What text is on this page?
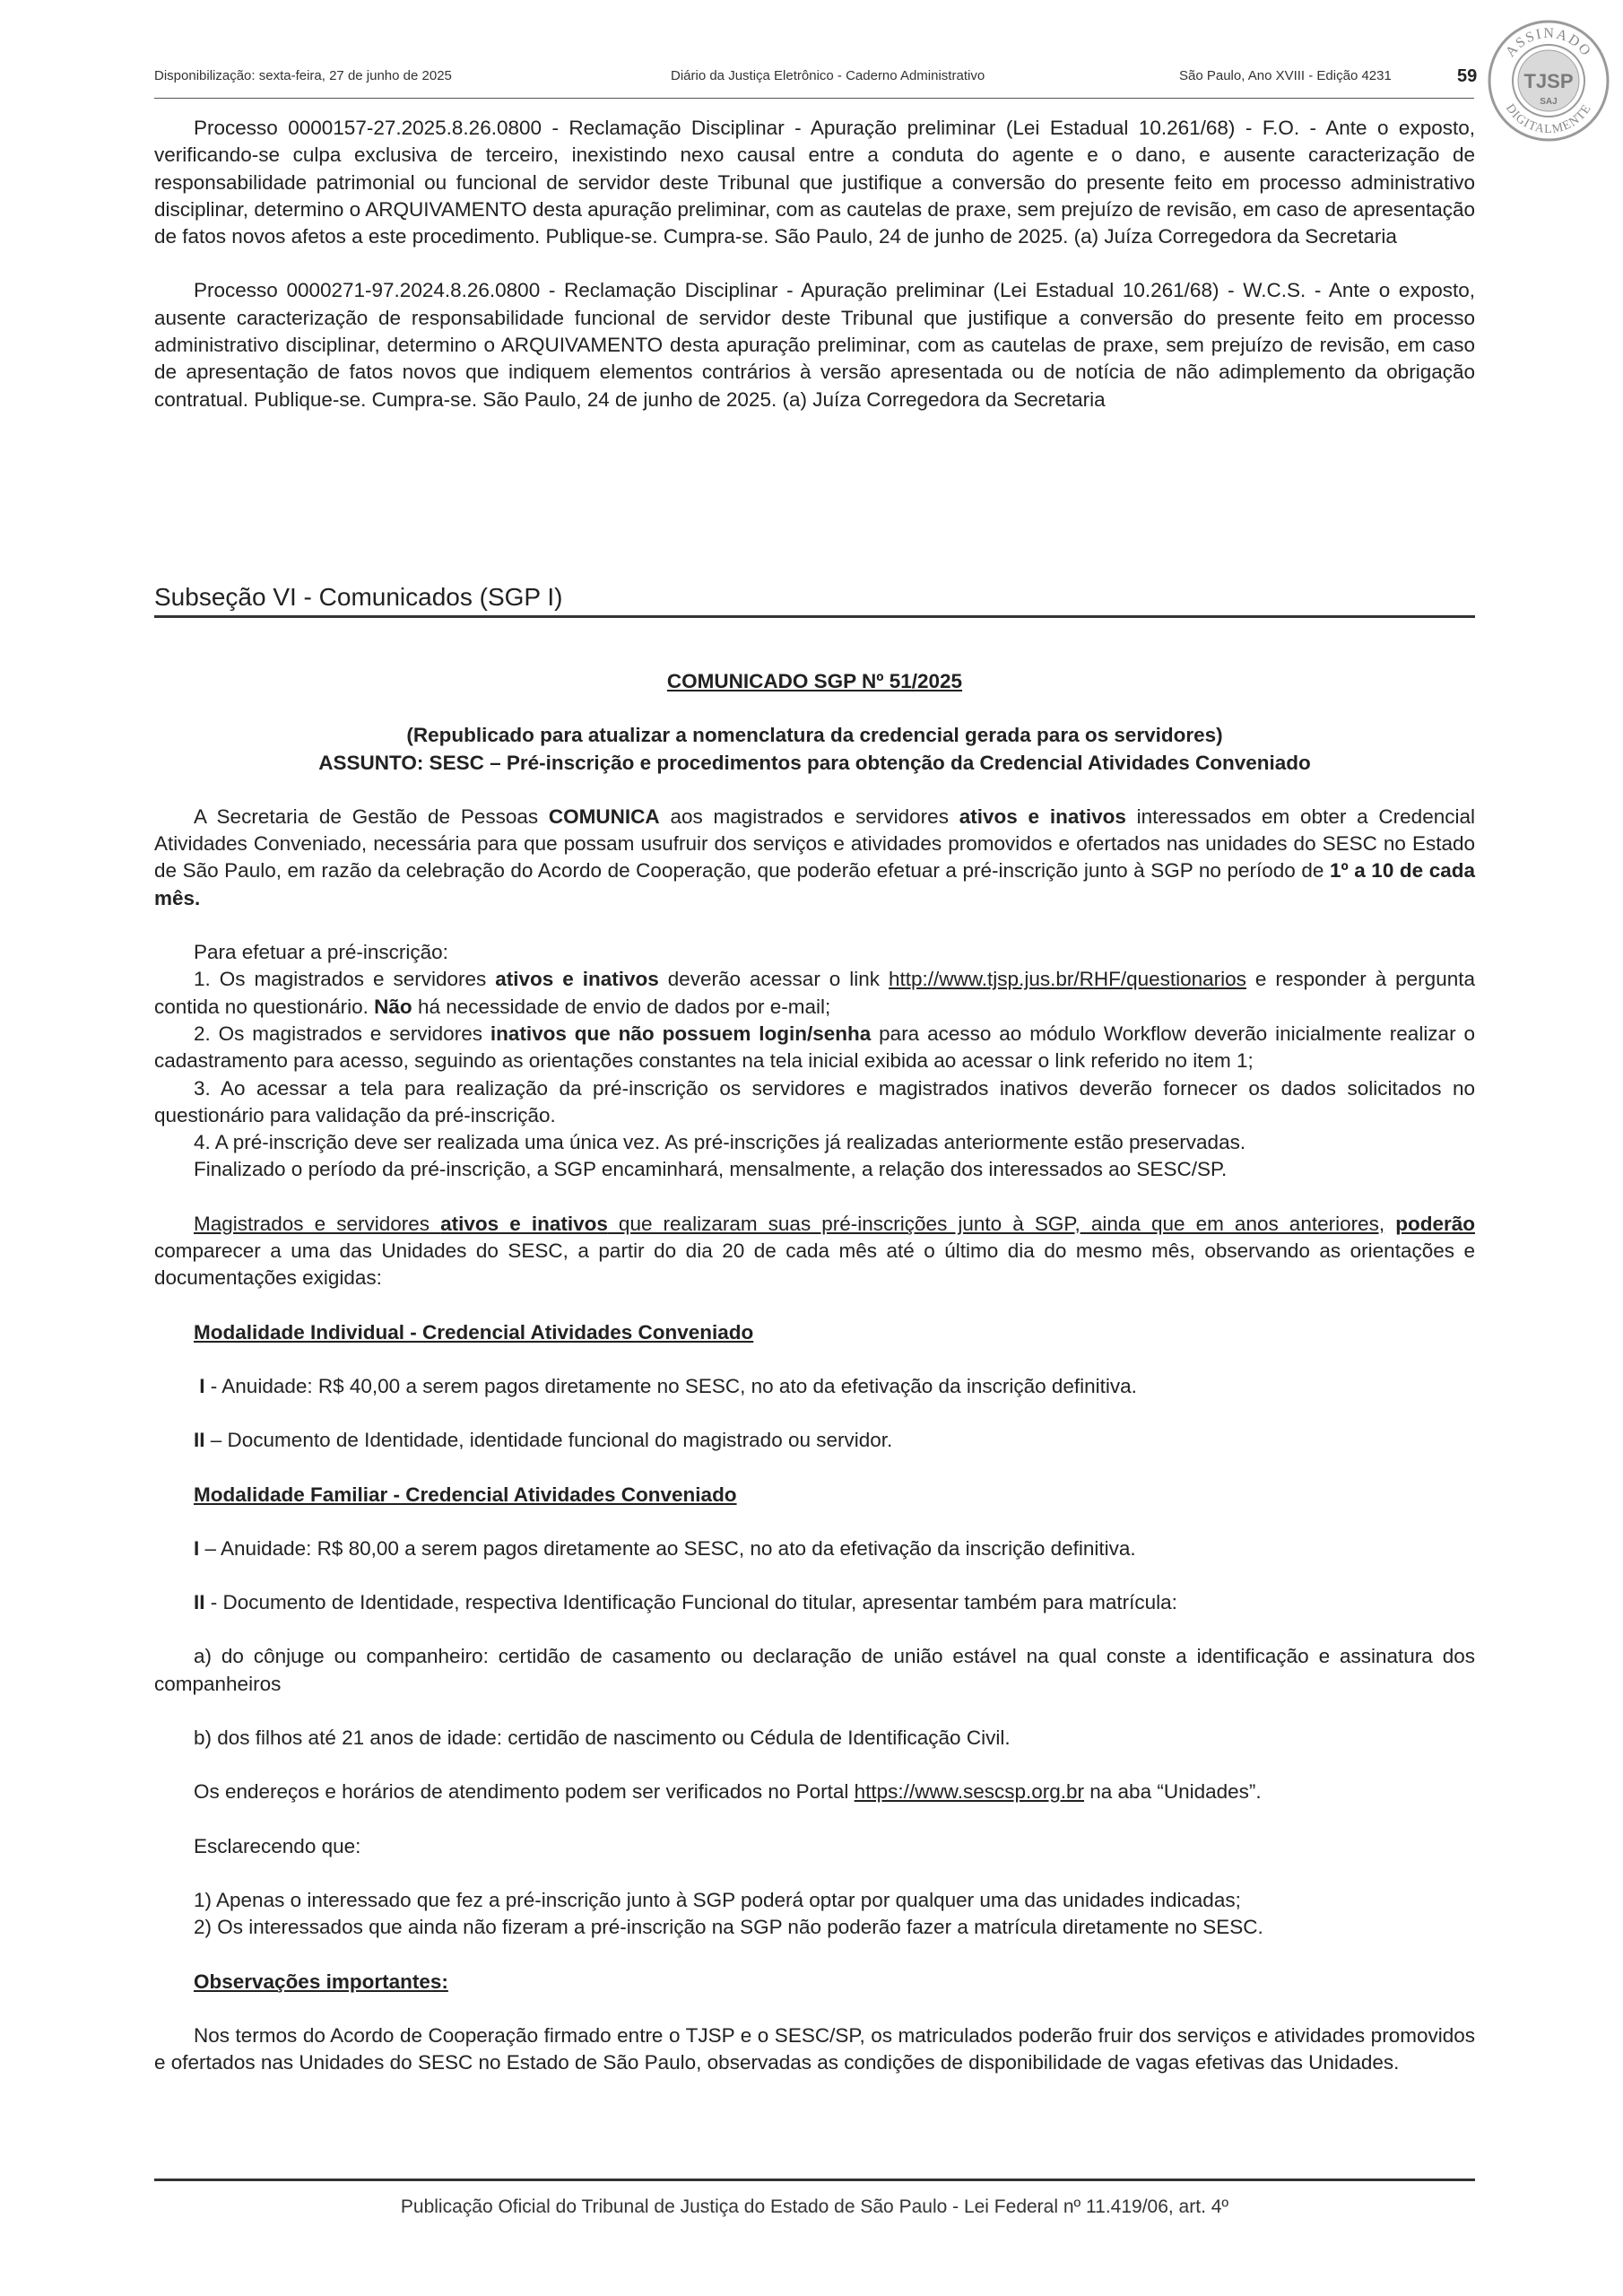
Disponibilização: sexta-feira, 27 de junho de 2025	Diário da Justiça Eletrônico - Caderno Administrativo	São Paulo, Ano XVIII - Edição 4231	59
ASSINADO
DIGITALMENTE
TJSP
SAJ

Processo 0000157-27.2025.8.26.0800 - Reclamação Disciplinar - Apuração preliminar (Lei Estadual 10.261/68) - F.O. - Ante o exposto, verificando-se culpa exclusiva de terceiro, inexistindo nexo causal entre a conduta do agente e o dano, e ausente caracterização de responsabilidade patrimonial ou funcional de servidor deste Tribunal que justifique a conversão do presente feito em processo administrativo disciplinar, determino o ARQUIVAMENTO desta apuração preliminar, com as cautelas de praxe, sem prejuízo de revisão, em caso de apresentação de fatos novos afetos a este procedimento. Publique-se. Cumpra-se. São Paulo, 24 de junho de 2025. (a) Juíza Corregedora da Secretaria

Processo 0000271-97.2024.8.26.0800 - Reclamação Disciplinar - Apuração preliminar (Lei Estadual 10.261/68) - W.C.S. - Ante o exposto, ausente caracterização de responsabilidade funcional de servidor deste Tribunal que justifique a conversão do presente feito em processo administrativo disciplinar, determino o ARQUIVAMENTO desta apuração preliminar, com as cautelas de praxe, sem prejuízo de revisão, em caso de apresentação de fatos novos que indiquem elementos contrários à versão apresentada ou de notícia de não adimplemento da obrigação contratual. Publique-se. Cumpra-se. São Paulo, 24 de junho de 2025. (a) Juíza Corregedora da Secretaria

Subseção VI - Comunicados (SGP I)

COMUNICADO SGP Nº 51/2025

(Republicado para atualizar a nomenclatura da credencial gerada para os servidores)

ASSUNTO: SESC – Pré-inscrição e procedimentos para obtenção da Credencial Atividades Conveniado

A Secretaria de Gestão de Pessoas COMUNICA aos magistrados e servidores ativos e inativos interessados em obter a Credencial Atividades Conveniado, necessária para que possam usufruir dos serviços e atividades promovidos e ofertados nas unidades do SESC no Estado de São Paulo, em razão da celebração do Acordo de Cooperação, que poderão efetuar a pré-inscrição junto à SGP no período de 1º a 10 de cada mês.

Para efetuar a pré-inscrição:

1. Os magistrados e servidores ativos e inativos deverão acessar o link http://www.tjsp.jus.br/RHF/questionarios e responder à pergunta contida no questionário. Não há necessidade de envio de dados por e-mail;

2. Os magistrados e servidores inativos que não possuem login/senha para acesso ao módulo Workflow deverão inicialmente realizar o cadastramento para acesso, seguindo as orientações constantes na tela inicial exibida ao acessar o link referido no item 1;

3. Ao acessar a tela para realização da pré-inscrição os servidores e magistrados inativos deverão fornecer os dados solicitados no questionário para validação da pré-inscrição.

4. A pré-inscrição deve ser realizada uma única vez. As pré-inscrições já realizadas anteriormente estão preservadas.

Finalizado o período da pré-inscrição, a SGP encaminhará, mensalmente, a relação dos interessados ao SESC/SP.

Magistrados e servidores ativos e inativos que realizaram suas pré-inscrições junto à SGP, ainda que em anos anteriores, poderão comparecer a uma das Unidades do SESC, a partir do dia 20 de cada mês até o último dia do mesmo mês, observando as orientações e documentações exigidas:

Modalidade Individual - Credencial Atividades Conveniado

I - Anuidade: R$ 40,00 a serem pagos diretamente no SESC, no ato da efetivação da inscrição definitiva.

II – Documento de Identidade, identidade funcional do magistrado ou servidor.

Modalidade Familiar - Credencial Atividades Conveniado

I – Anuidade: R$ 80,00 a serem pagos diretamente ao SESC, no ato da efetivação da inscrição definitiva.

II - Documento de Identidade, respectiva Identificação Funcional do titular, apresentar também para matrícula:

a) do cônjuge ou companheiro: certidão de casamento ou declaração de união estável na qual conste a identificação e assinatura dos companheiros

b) dos filhos até 21 anos de idade: certidão de nascimento ou Cédula de Identificação Civil.

Os endereços e horários de atendimento podem ser verificados no Portal https://www.sescsp.org.br na aba “Unidades”.

Esclarecendo que:

1) Apenas o interessado que fez a pré-inscrição junto à SGP poderá optar por qualquer uma das unidades indicadas;

2) Os interessados que ainda não fizeram a pré-inscrição na SGP não poderão fazer a matrícula diretamente no SESC.

Observações importantes:

Nos termos do Acordo de Cooperação firmado entre o TJSP e o SESC/SP, os matriculados poderão fruir dos serviços e atividades promovidos e ofertados nas Unidades do SESC no Estado de São Paulo, observadas as condições de disponibilidade de vagas efetivas das Unidades.

Publicação Oficial do Tribunal de Justiça do Estado de São Paulo - Lei Federal nº 11.419/06, art. 4º
